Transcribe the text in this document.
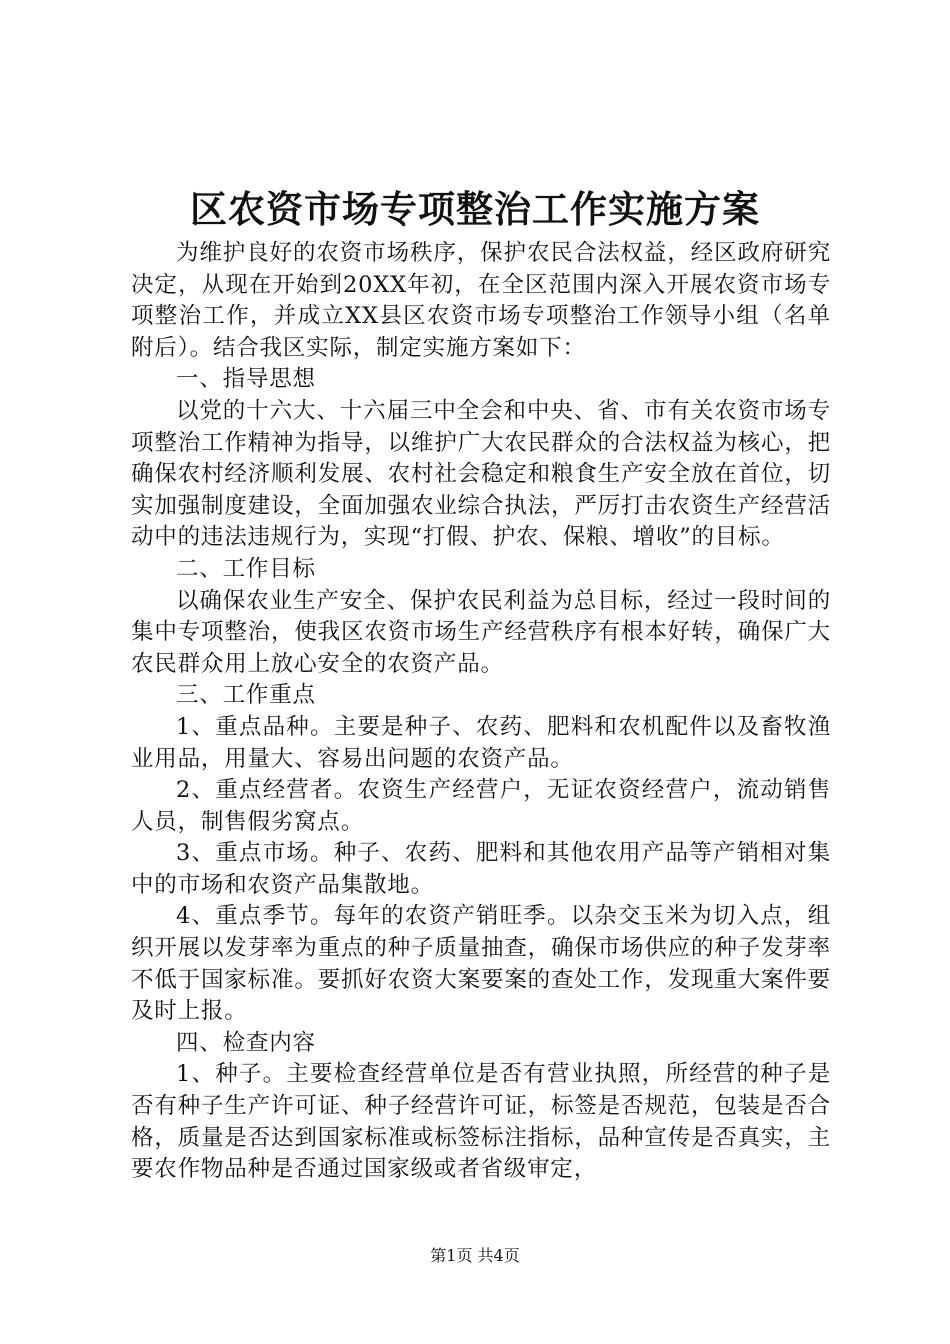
区农资市场专项整治工作实施方案

为维护良好的农资市场秩序，保护农民合法权益，经区政府研究决定，从现在开始到20XX年初，在全区范围内深入开展农资市场专项整治工作，并成立XX县区农资市场专项整治工作领导小组（名单附后）。结合我区实际，制定实施方案如下：

一、指导思想

以党的十六大、十六届三中全会和中央、省、市有关农资市场专项整治工作精神为指导，以维护广大农民群众的合法权益为核心，把确保农村经济顺利发展、农村社会稳定和粮食生产安全放在首位，切实加强制度建设，全面加强农业综合执法，严厉打击农资生产经营活动中的违法违规行为，实现“打假、护农、保粮、增收”的目标。

二、工作目标

以确保农业生产安全、保护农民利益为总目标，经过一段时间的集中专项整治，使我区农资市场生产经营秩序有根本好转，确保广大农民群众用上放心安全的农资产品。

三、工作重点

1、重点品种。主要是种子、农药、肥料和农机配件以及畜牧渔业用品，用量大、容易出问题的农资产品。

2、重点经营者。农资生产经营户，无证农资经营户，流动销售人员，制售假劣窝点。

3、重点市场。种子、农药、肥料和其他农用产品等产销相对集中的市场和农资产品集散地。

4、重点季节。每年的农资产销旺季。以杂交玉米为切入点，组织开展以发芽率为重点的种子质量抽查，确保市场供应的种子发芽率不低于国家标准。要抓好农资大案要案的查处工作，发现重大案件要及时上报。

四、检查内容

1、种子。主要检查经营单位是否有营业执照，所经营的种子是否有种子生产许可证、种子经营许可证，标签是否规范，包装是否合格，质量是否达到国家标准或标签标注指标，品种宣传是否真实，主要农作物品种是否通过国家级或者省级审定，

第1页 共4页
